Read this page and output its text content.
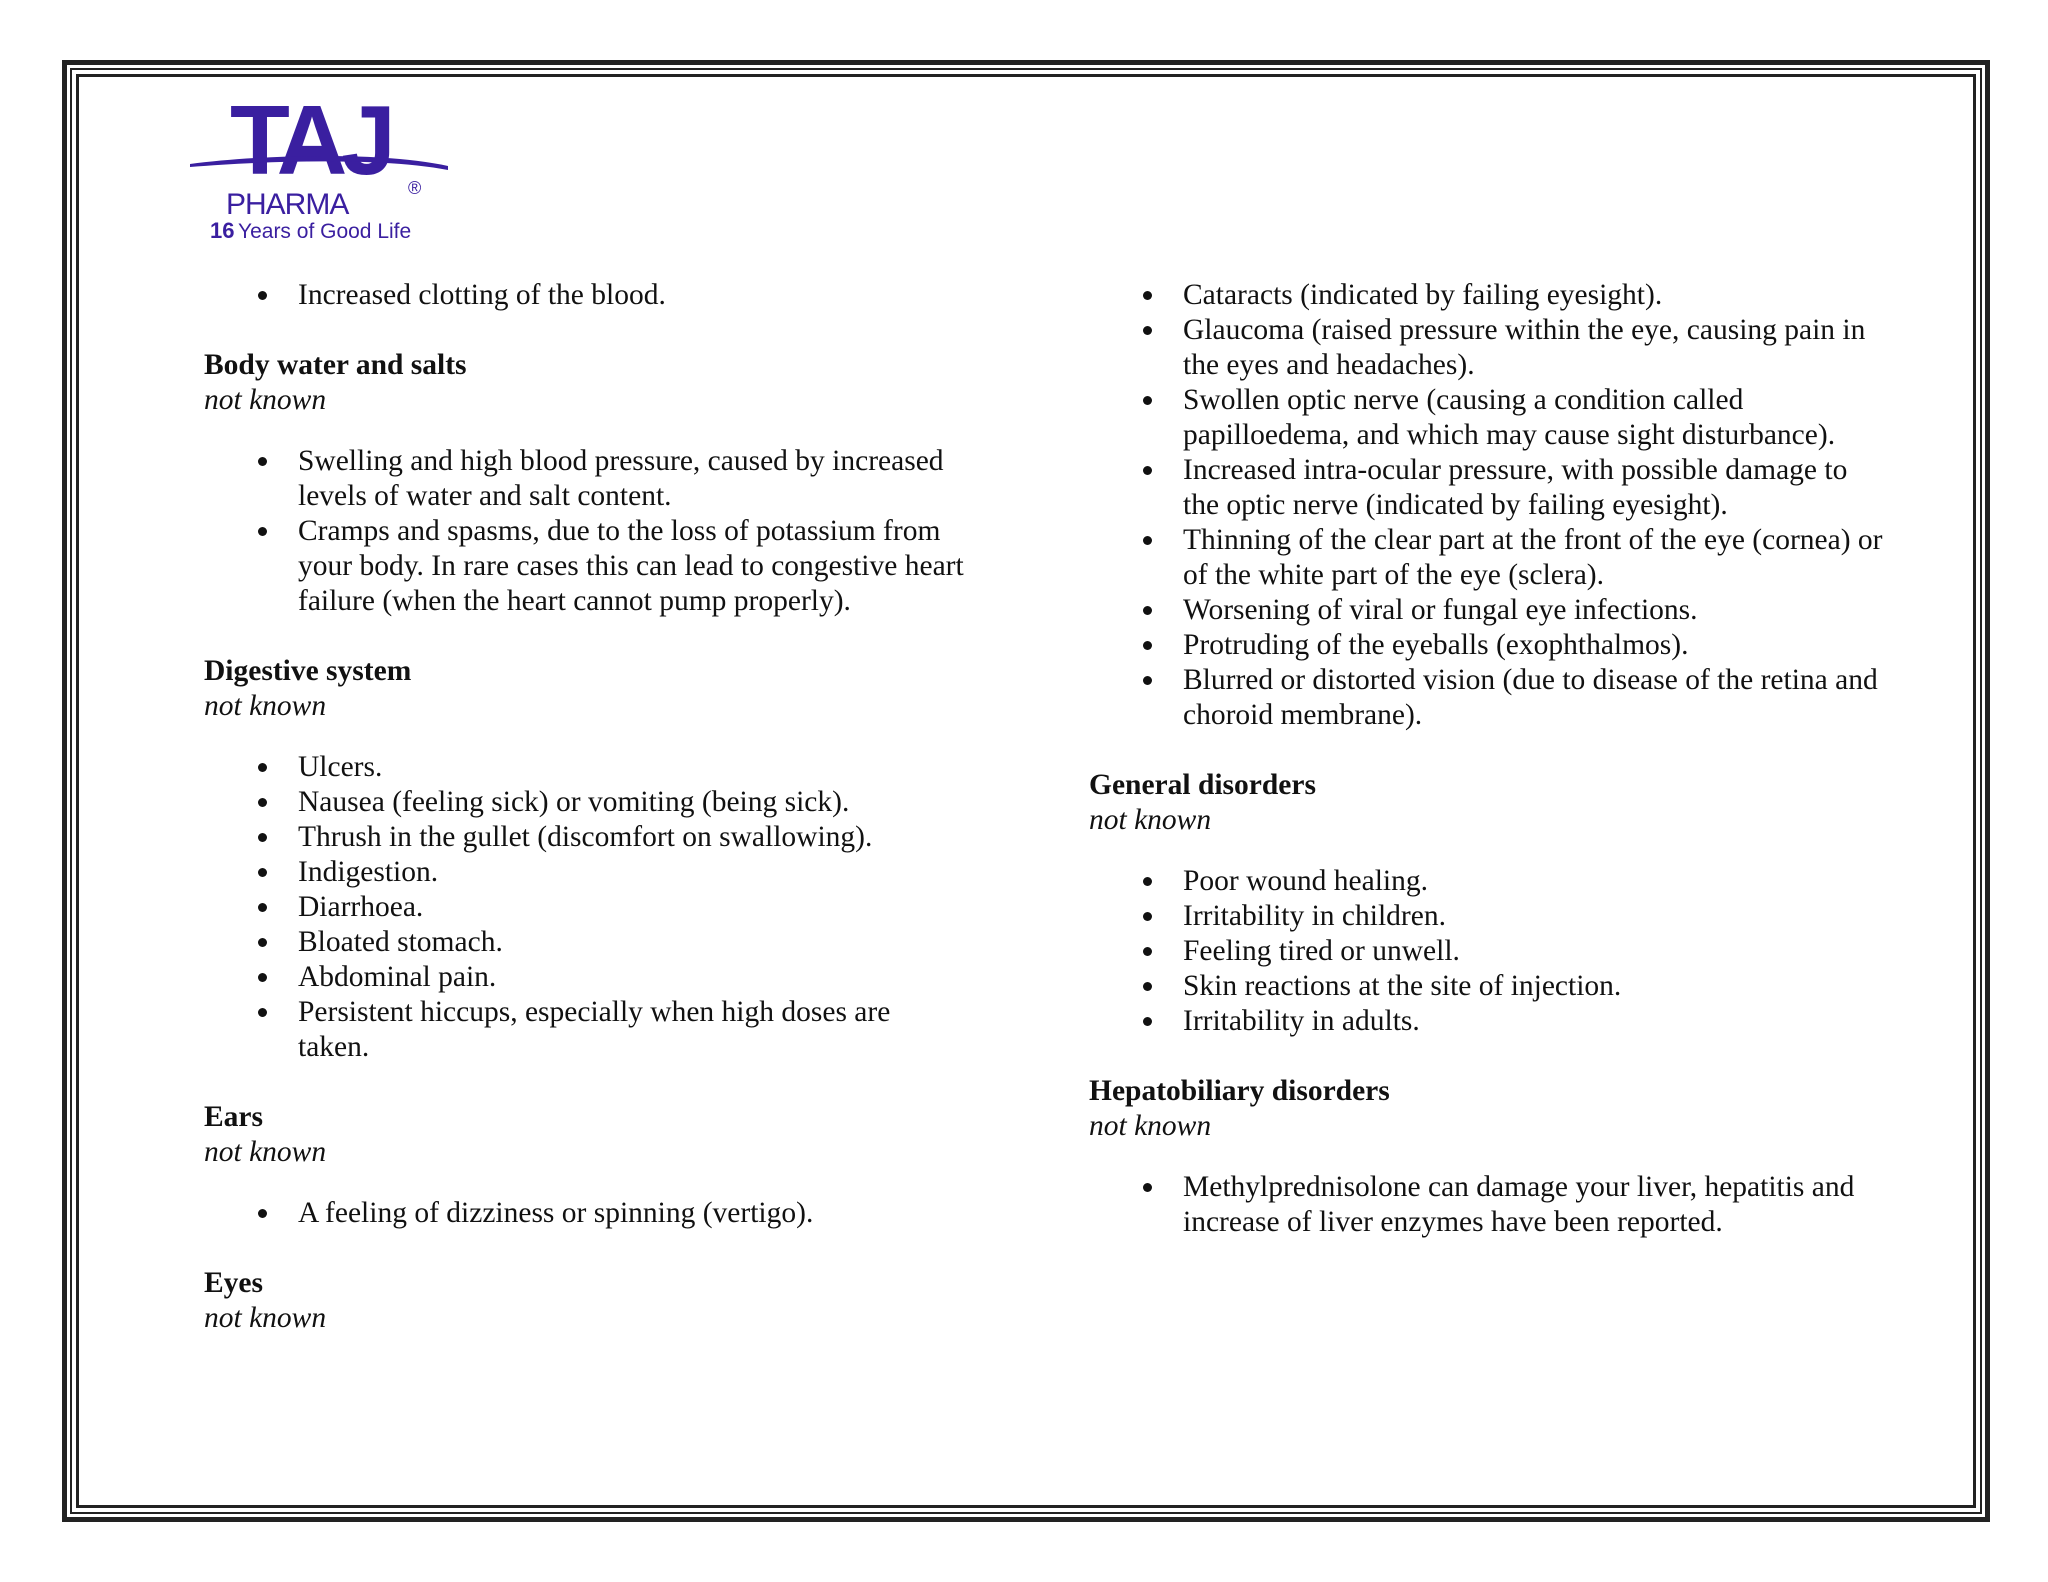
TAJ
PHARMA	®
16 Years of Good Life
Increased clotting of the blood.

Body water and salts

not known

Swelling and high blood pressure, caused by increased levels of water and salt content.
Cramps and spasms, due to the loss of potassium from your body. In rare cases this can lead to congestive heart failure (when the heart cannot pump properly).

Digestive system

not known

Ulcers.
Nausea (feeling sick) or vomiting (being sick).
Thrush in the gullet (discomfort on swallowing).
Indigestion.
Diarrhoea.
Bloated stomach.
Abdominal pain.
Persistent hiccups, especially when high doses are taken.

Ears

not known

A feeling of dizziness or spinning (vertigo).

Eyes

not known

Cataracts (indicated by failing eyesight).
Glaucoma (raised pressure within the eye, causing pain in the eyes and headaches).
Swollen optic nerve (causing a condition called papilloedema, and which may cause sight disturbance).
Increased intra-ocular pressure, with possible damage to the optic nerve (indicated by failing eyesight).
Thinning of the clear part at the front of the eye (cornea) or of the white part of the eye (sclera).
Worsening of viral or fungal eye infections.
Protruding of the eyeballs (exophthalmos).
Blurred or distorted vision (due to disease of the retina and choroid membrane).

General disorders

not known

Poor wound healing.
Irritability in children.
Feeling tired or unwell.
Skin reactions at the site of injection.
Irritability in adults.

Hepatobiliary disorders

not known

Methylprednisolone can damage your liver, hepatitis and increase of liver enzymes have been reported.
